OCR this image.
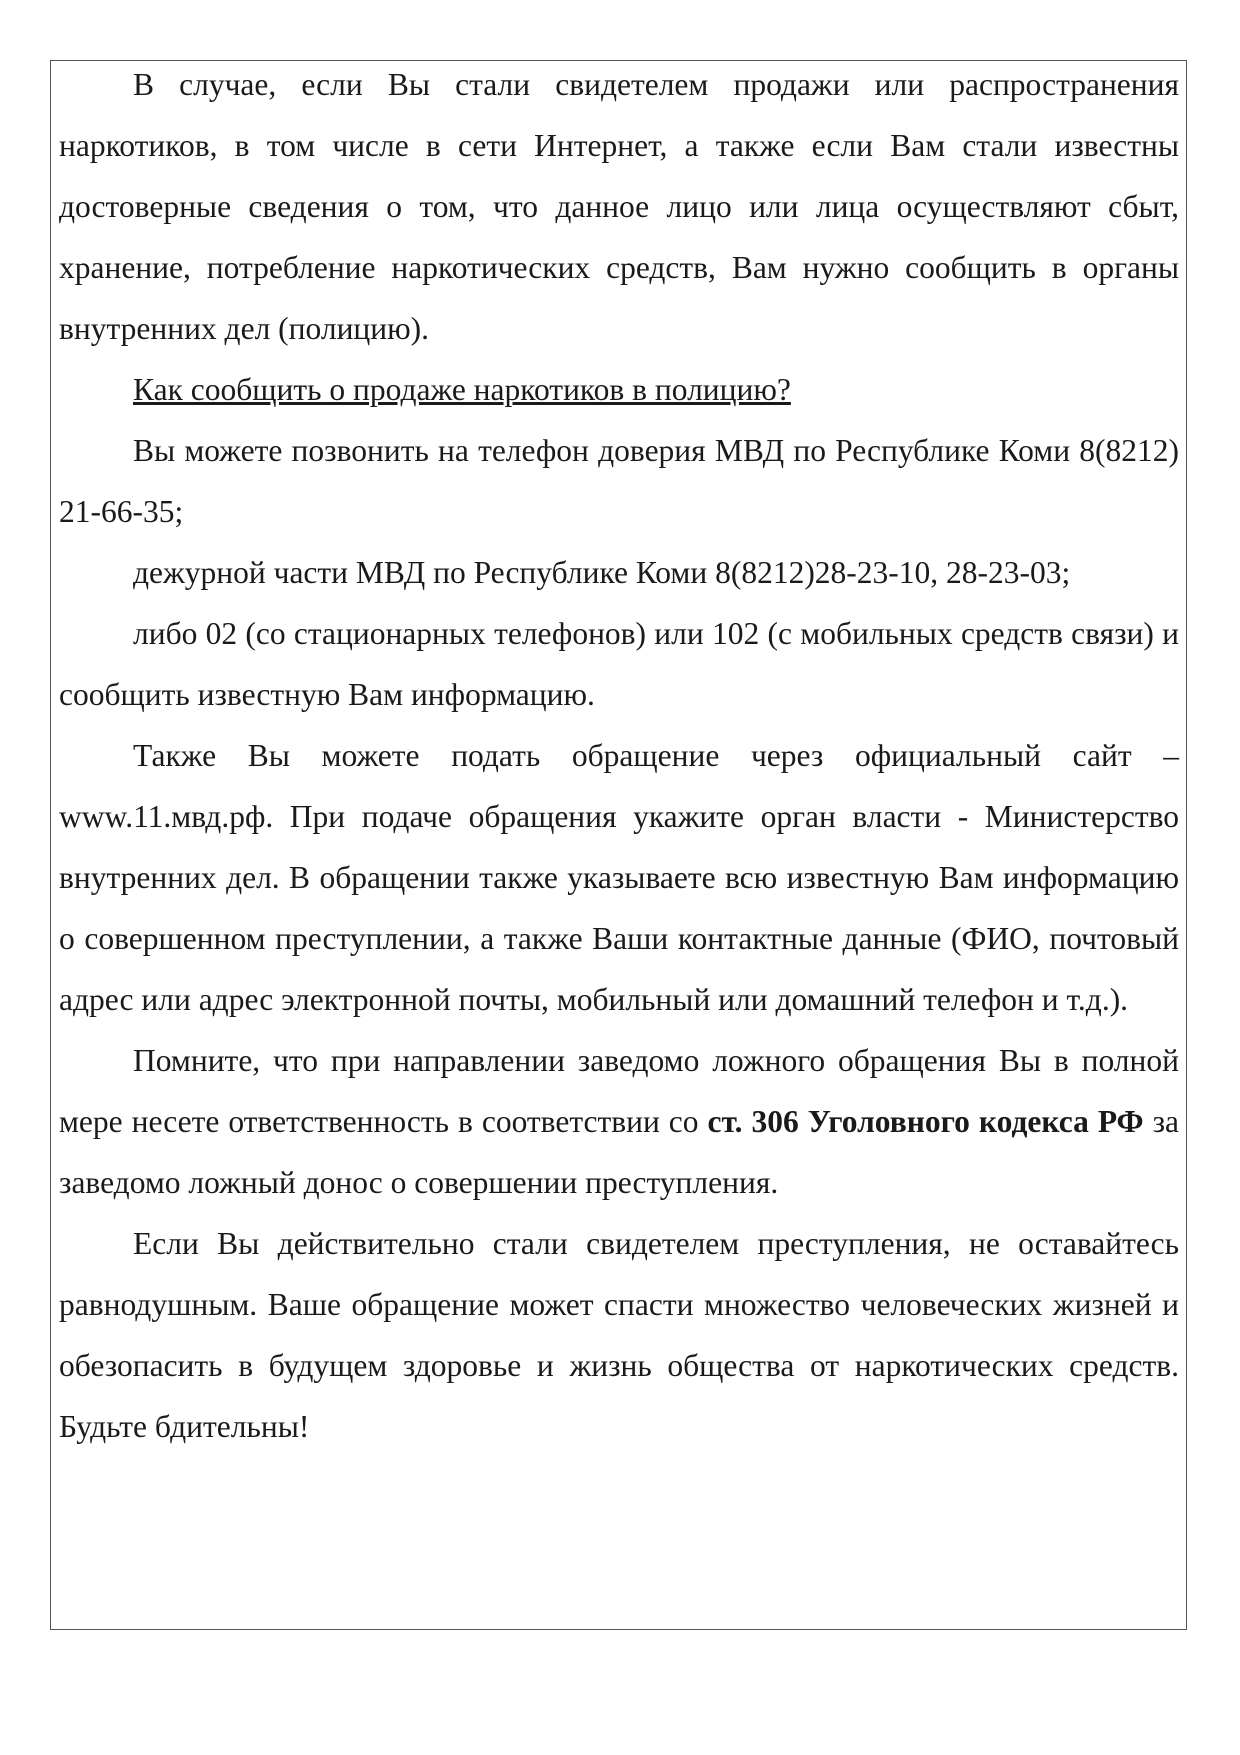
В случае, если Вы стали свидетелем продажи или распространения наркотиков, в том числе в сети Интернет, а также если Вам стали известны достоверные сведения о том, что данное лицо или лица осуществляют сбыт, хранение, потребление наркотических средств, Вам нужно сообщить в органы внутренних дел (полицию).

Как сообщить о продаже наркотиков в полицию?

Вы можете позвонить на телефон доверия МВД по Республике Коми 8(8212) 21-66-35;

дежурной части МВД по Республике Коми 8(8212)28-23-10, 28-23-03;

либо 02 (со стационарных телефонов) или 102 (с мобильных средств связи) и сообщить известную Вам информацию.

Также Вы можете подать обращение через официальный сайт – www.11.мвд.рф. При подаче обращения укажите орган власти - Министерство внутренних дел. В обращении также указываете всю известную Вам информацию о совершенном преступлении, а также Ваши контактные данные (ФИО, почтовый адрес или адрес электронной почты, мобильный или домашний телефон и т.д.).

Помните, что при направлении заведомо ложного обращения Вы в полной мере несете ответственность в соответствии со ст. 306 Уголовного кодекса РФ за заведомо ложный донос о совершении преступления.

Если Вы действительно стали свидетелем преступления, не оставайтесь равнодушным. Ваше обращение может спасти множество человеческих жизней и обезопасить в будущем здоровье и жизнь общества от наркотических средств. Будьте бдительны!
